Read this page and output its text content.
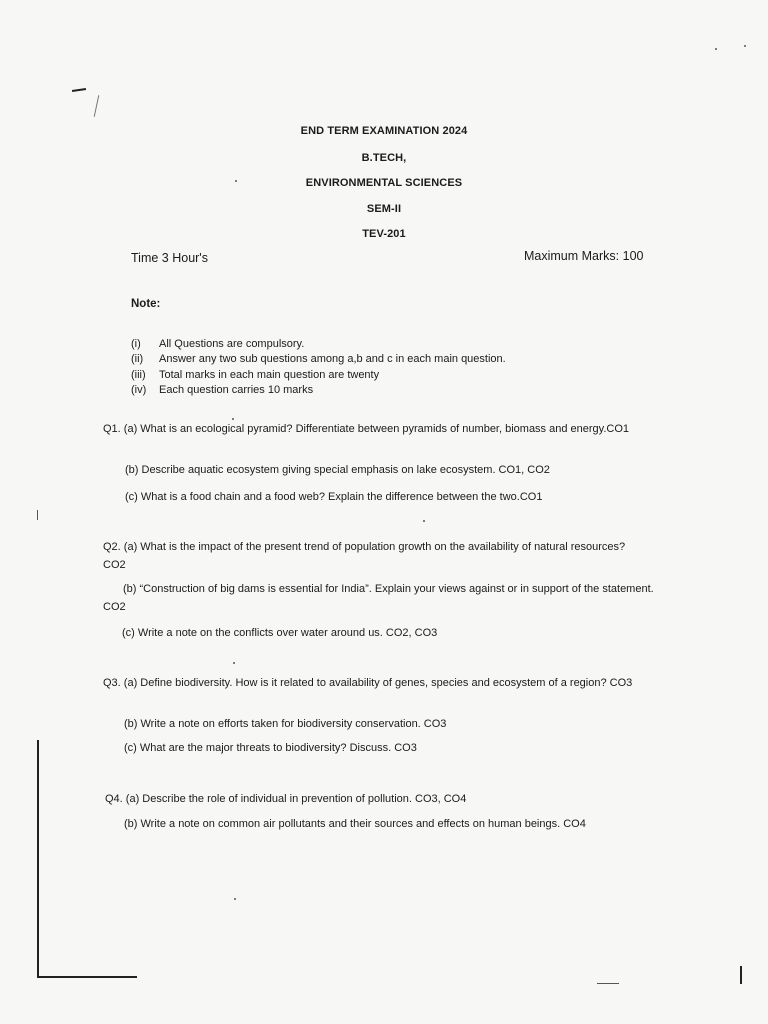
END TERM EXAMINATION 2024
B.TECH,
ENVIRONMENTAL SCIENCES
SEM-II
TEV-201
Time 3 Hour's	Maximum Marks: 100
Note:
(i) All Questions are compulsory.
(ii) Answer any two sub questions among a,b and c in each main question.
(iii) Total marks in each main question are twenty
(iv) Each question carries 10 marks
Q1. (a) What is an ecological pyramid? Differentiate between pyramids of number, biomass and energy.CO1
(b) Describe aquatic ecosystem giving special emphasis on lake ecosystem. CO1, CO2
(c) What is a food chain and a food web? Explain the difference between the two.CO1
Q2. (a) What is the impact of the present trend of population growth on the availability of natural resources? CO2
(b) “Construction of big dams is essential for India”. Explain your views against or in support of the statement. CO2
(c) Write a note on the conflicts over water around us. CO2, CO3
Q3. (a) Define biodiversity. How is it related to availability of genes, species and ecosystem of a region? CO3
(b) Write a note on efforts taken for biodiversity conservation. CO3
(c) What are the major threats to biodiversity? Discuss. CO3
Q4. (a) Describe the role of individual in prevention of pollution. CO3, CO4
(b) Write a note on common air pollutants and their sources and effects on human beings. CO4
